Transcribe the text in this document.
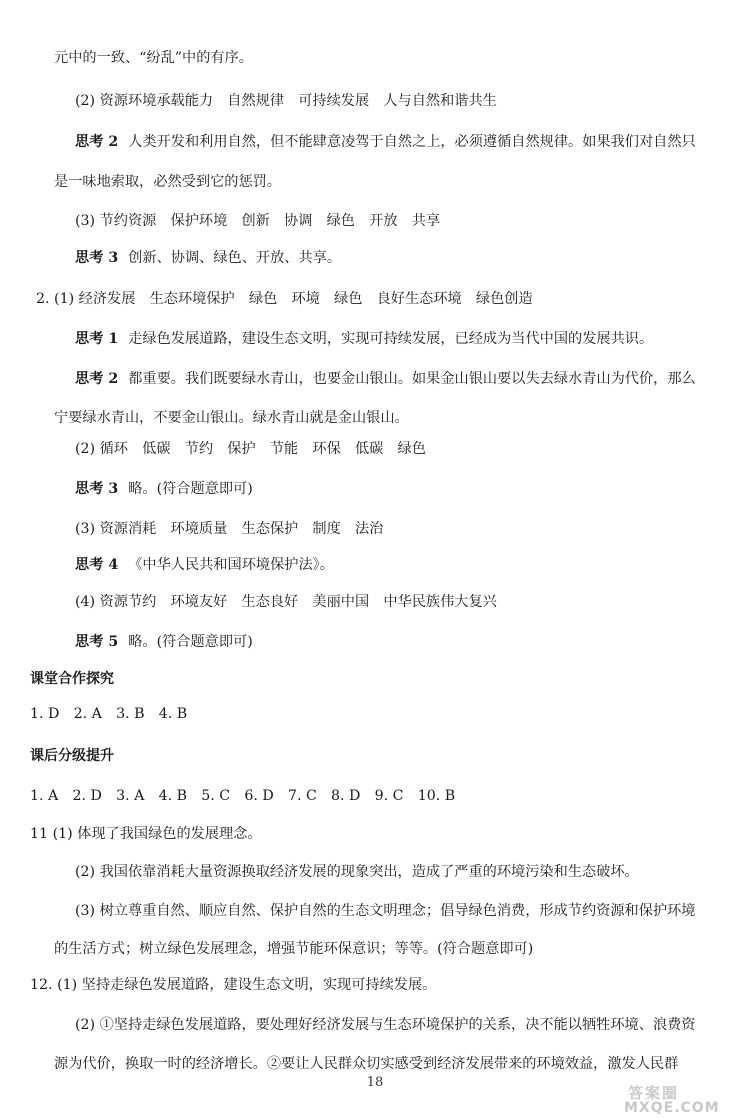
元中的一致、“纷乱”中的有序。
(2) 资源环境承载能力　自然规律　可持续发展　人与自然和谐共生
思考 2 人类开发和利用自然，但不能肆意凌驾于自然之上，必须遵循自然规律。如果我们对自然只
是一味地索取，必然受到它的惩罚。
(3) 节约资源　保护环境　创新　协调　绿色　开放　共享
思考 3 创新、协调、绿色、开放、共享。
2. (1) 经济发展　生态环境保护　绿色　环境　绿色　良好生态环境　绿色创造
思考 1 走绿色发展道路，建设生态文明，实现可持续发展，已经成为当代中国的发展共识。
思考 2 都重要。我们既要绿水青山，也要金山银山。如果金山银山要以失去绿水青山为代价，那么
宁要绿水青山，不要金山银山。绿水青山就是金山银山。
(2) 循环　低碳　节约　保护　节能　环保　低碳　绿色
思考 3 略。(符合题意即可)
(3) 资源消耗　环境质量　生态保护　制度　法治
思考 4 《中华人民共和国环境保护法》。
(4) 资源节约　环境友好　生态良好　美丽中国　中华民族伟大复兴
思考 5 略。(符合题意即可)
课堂合作探究
1. D　2. A　3. B　4. B
课后分级提升
1. A　2. D　3. A　4. B　5. C　6. D　7. C　8. D　9. C　10. B
11 (1) 体现了我国绿色的发展理念。
(2) 我国依靠消耗大量资源换取经济发展的现象突出，造成了严重的环境污染和生态破坏。
(3) 树立尊重自然、顺应自然、保护自然的生态文明理念；倡导绿色消费，形成节约资源和保护环境
的生活方式；树立绿色发展理念，增强节能环保意识；等等。(符合题意即可)
12. (1) 坚持走绿色发展道路，建设生态文明，实现可持续发展。
(2) ①坚持走绿色发展道路，要处理好经济发展与生态环境保护的关系，决不能以牺牲环境、浪费资
源为代价，换取一时的经济增长。②要让人民群众切实感受到经济发展带来的环境效益，激发人民群
18
答案圈
MXQE.COM
